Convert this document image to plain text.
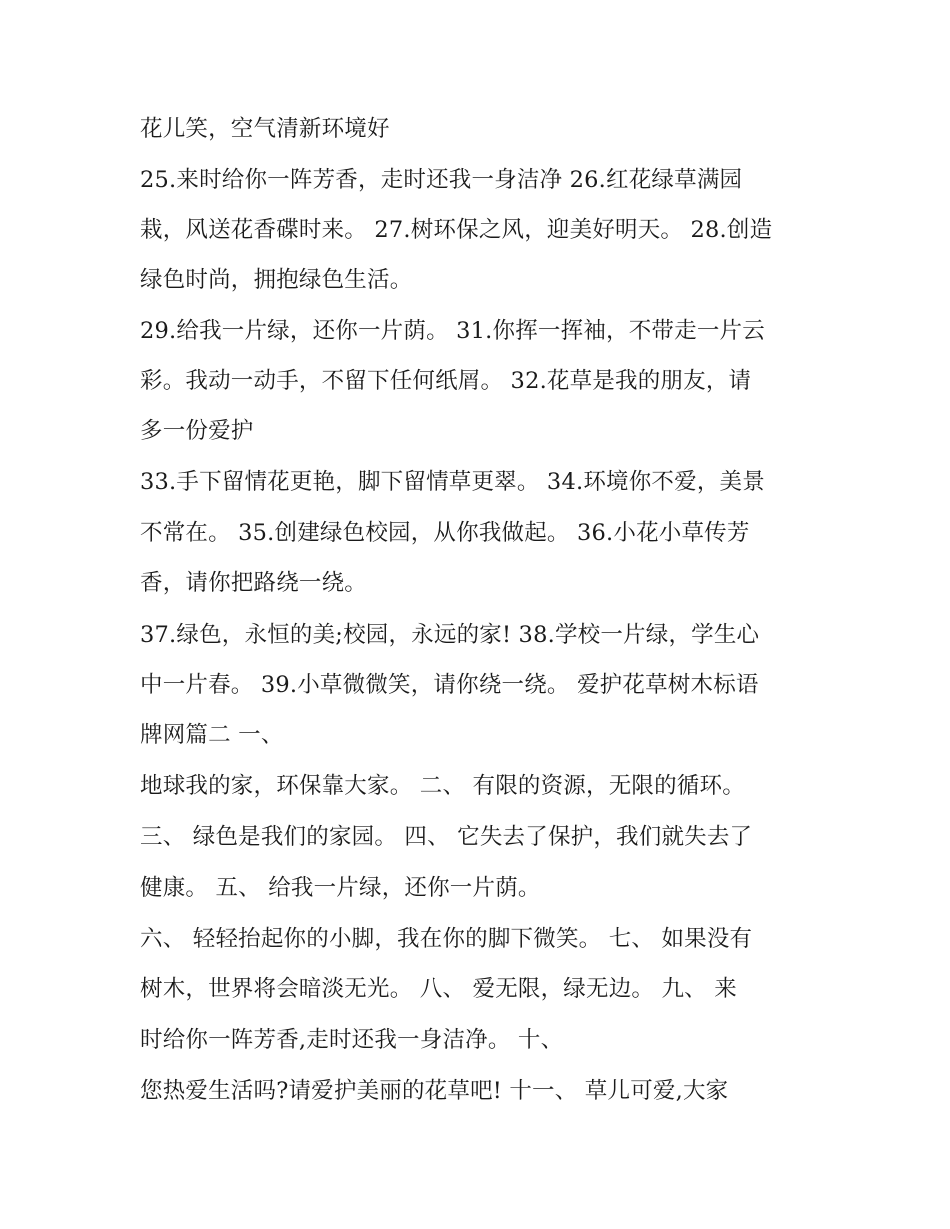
花儿笑，空气清新环境好
25.来时给你一阵芳香，走时还我一身洁净 26.红花绿草满园
栽，风送花香碟时来。 27.树环保之风，迎美好明天。 28.创造
绿色时尚，拥抱绿色生活。
29.给我一片绿，还你一片荫。 31.你挥一挥袖，不带走一片云
彩。我动一动手，不留下任何纸屑。 32.花草是我的朋友，请
多一份爱护
33.手下留情花更艳，脚下留情草更翠。 34.环境你不爱，美景
不常在。 35.创建绿色校园，从你我做起。 36.小花小草传芳
香，请你把路绕一绕。
37.绿色，永恒的美;校园，永远的家! 38.学校一片绿，学生心
中一片春。 39.小草微微笑，请你绕一绕。 爱护花草树木标语
牌网篇二 一、
地球我的家，环保靠大家。 二、 有限的资源，无限的循环。
三、 绿色是我们的家园。 四、 它失去了保护，我们就失去了
健康。 五、 给我一片绿，还你一片荫。
六、 轻轻抬起你的小脚，我在你的脚下微笑。 七、 如果没有
树木，世界将会暗淡无光。 八、 爱无限，绿无边。 九、 来
时给你一阵芳香,走时还我一身洁净。 十、
您热爱生活吗?请爱护美丽的花草吧! 十一、 草儿可爱,大家
